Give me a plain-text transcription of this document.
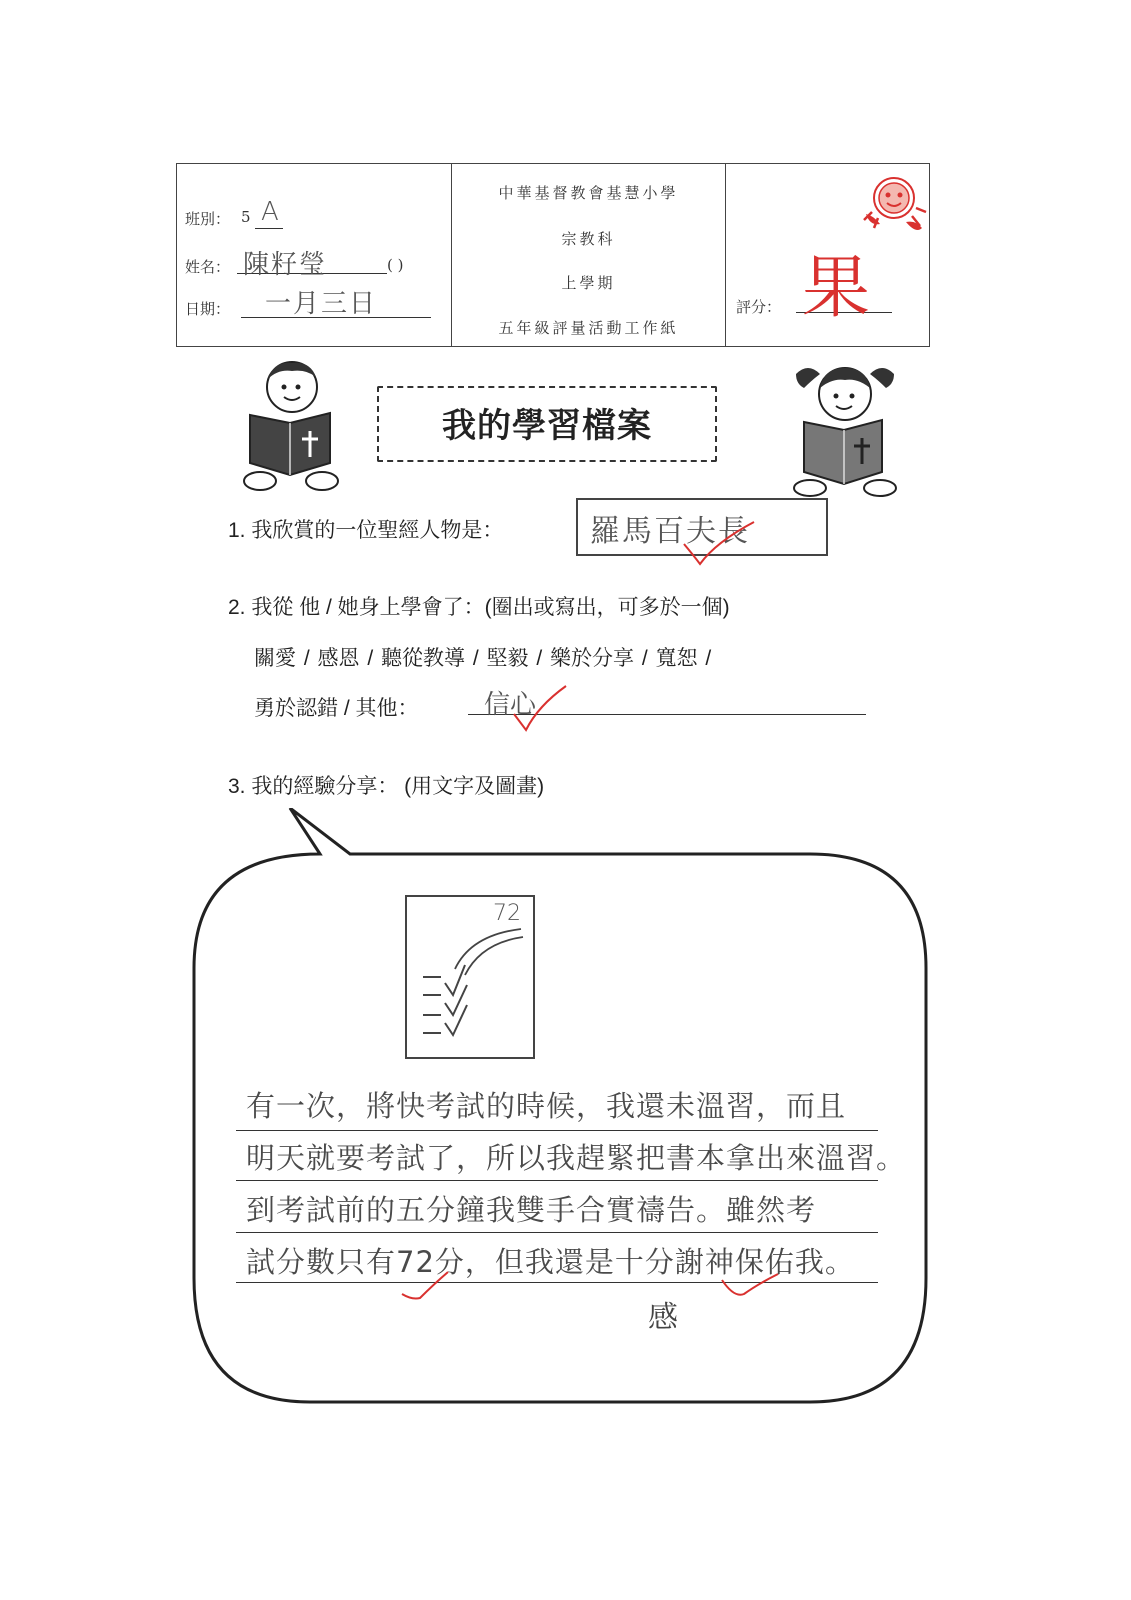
班別： 5 A
姓名： 陳籽瑩	( )
日期： 一月三日
中華基督教會基慧小學
宗教科
上學期
五年級評量活動工作紙
評分： 果
我的學習檔案
1. 我欣賞的一位聖經人物是：	羅馬百夫長
2. 我從 他 / 她身上學會了：(圈出或寫出，可多於一個)
關愛 / 感恩 / 聽從教導 / 堅毅 / 樂於分享 / 寬恕 /
勇於認錯 / 其他：	信心
3. 我的經驗分享： (用文字及圖畫)
72
有一次，將快考試的時候，我還未溫習，而且
明天就要考試了，所以我趕緊把書本拿出來溫習。
到考試前的五分鐘我雙手合實禱告。雖然考
試分數只有72分，但我還是十分謝神保佑我。
感
